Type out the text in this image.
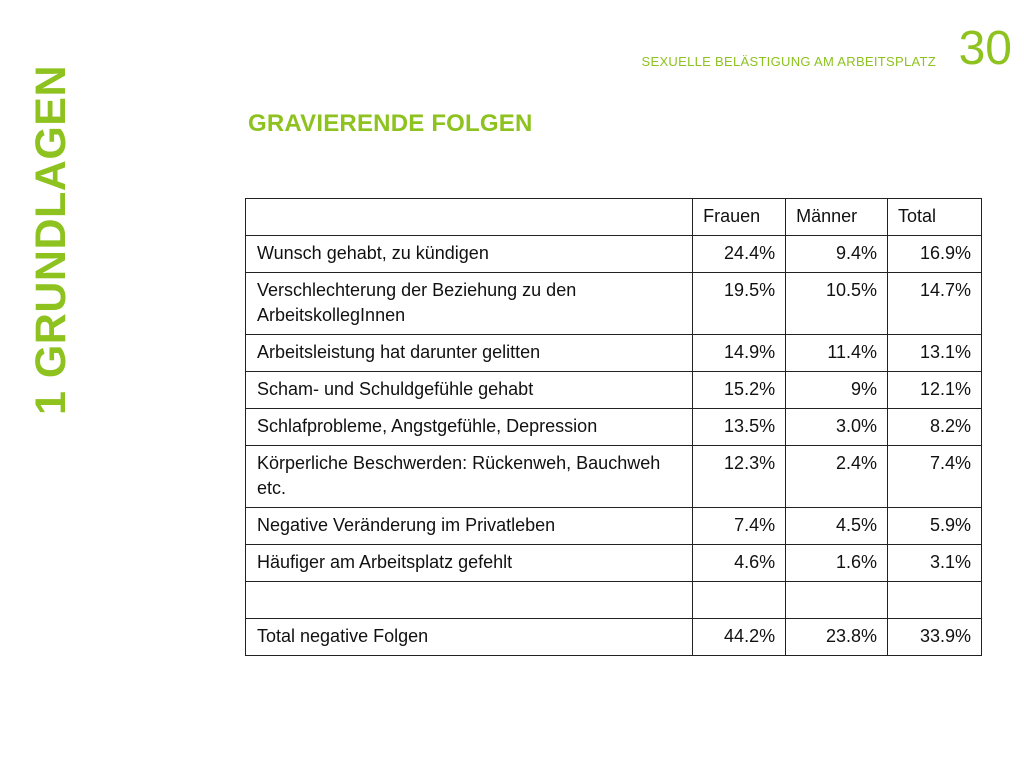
1 GRUNDLAGEN
SEXUELLE BELÄSTIGUNG AM ARBEITSPLATZ 30
GRAVIERENDE FOLGEN
	Frauen	Männer	Total
Wunsch gehabt, zu kündigen	24.4%	9.4%	16.9%
Verschlechterung der Beziehung zu den ArbeitskollegInnen	19.5%	10.5%	14.7%
Arbeitsleistung hat darunter gelitten	14.9%	11.4%	13.1%
Scham- und Schuldgefühle gehabt	15.2%	9%	12.1%
Schlafprobleme, Angstgefühle, Depression	13.5%	3.0%	8.2%
Körperliche Beschwerden: Rückenweh, Bauchweh etc.	12.3%	2.4%	7.4%
Negative Veränderung im Privatleben	7.4%	4.5%	5.9%
Häufiger am Arbeitsplatz gefehlt	4.6%	1.6%	3.1%

Total negative Folgen	44.2%	23.8%	33.9%
